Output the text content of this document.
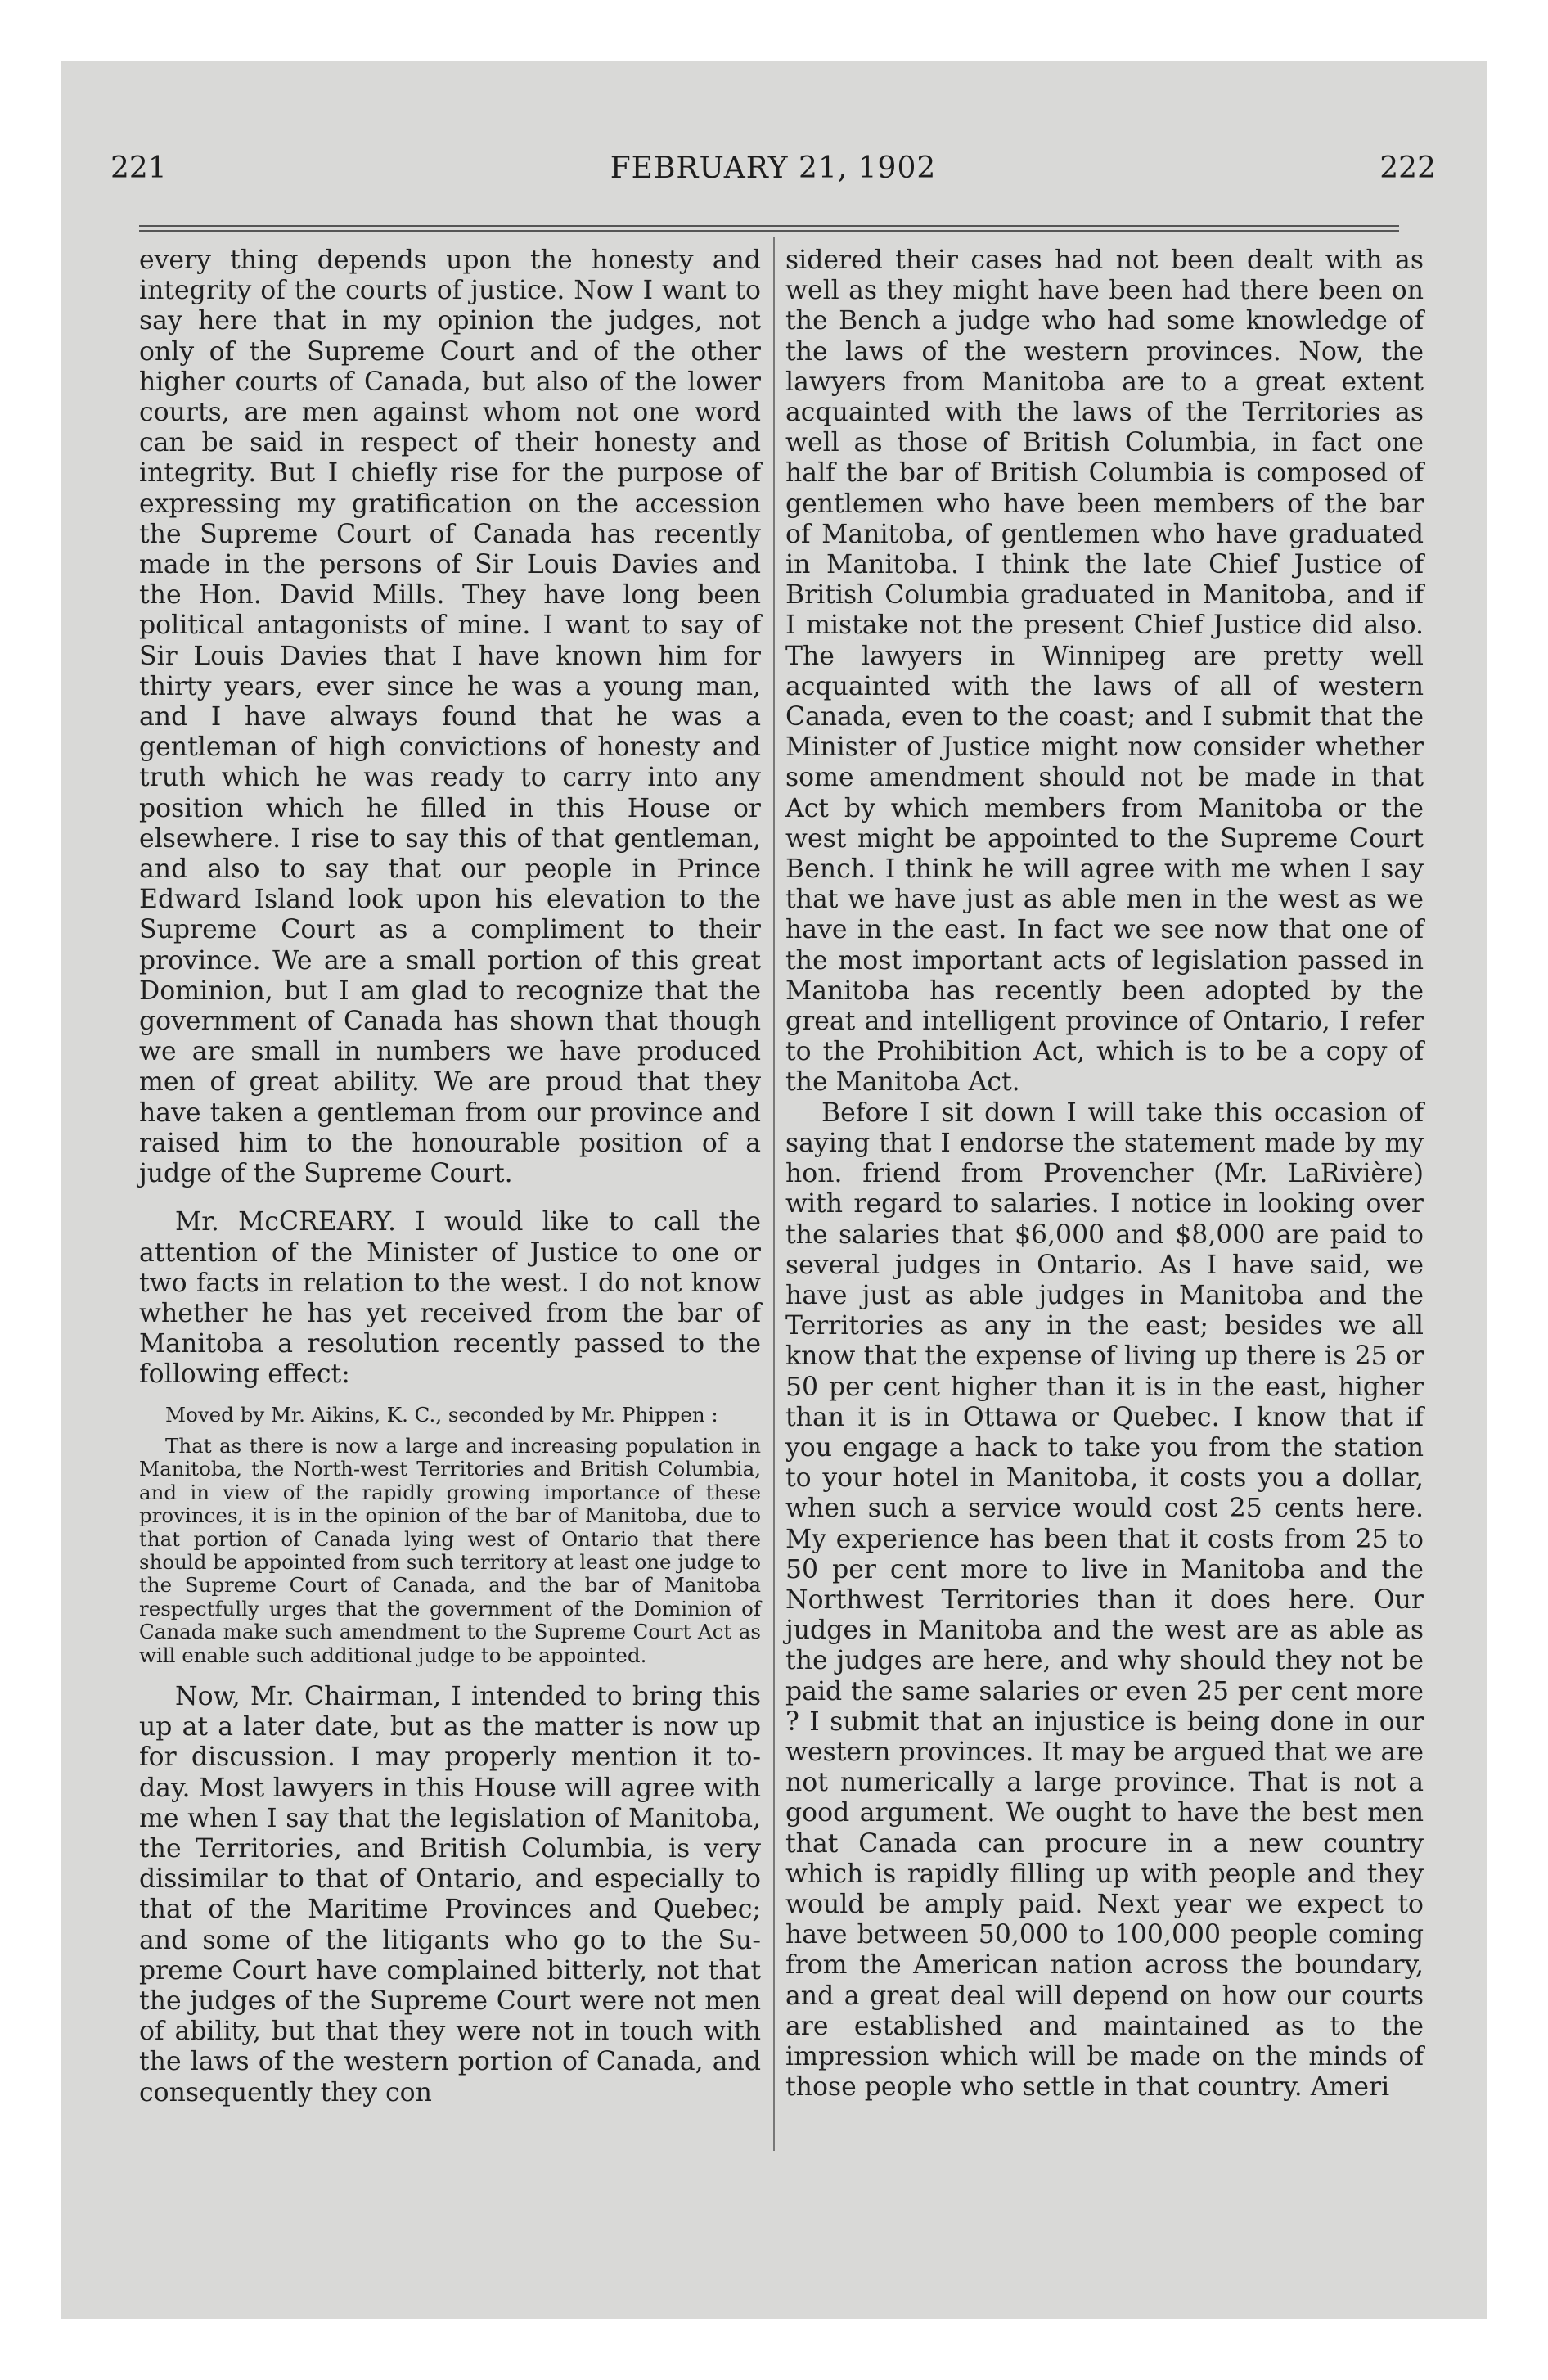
221	FEBRUARY 21, 1902	222

every thing depends upon the honesty and integrity of the courts of justice. Now I want to say here that in my opinion the judges, not only of the Supreme Court and of the other higher courts of Canada, but also of the lower courts, are men against whom not one word can be said in respect of their honesty and integrity. But I chiefly rise for the purpose of expressing my gratification on the accession the Supreme Court of Canada has recently made in the persons of Sir Louis Davies and the Hon. David Mills. They have long been political antagonists of mine. I want to say of Sir Louis Davies that I have known him for thirty years, ever since he was a young man, and I have always found that he was a gentleman of high convictions of honesty and truth which he was ready to carry into any position which he filled in this House or elsewhere. I rise to say this of that gentleman, and also to say that our people in Prince Edward Island look upon his elevation to the Supreme Court as a compliment to their province. We are a small portion of this great Dominion, but I am glad to recognize that the government of Canada has shown that though we are small in numbers we have produced men of great ability. We are proud that they have taken a gentleman from our province and raised him to the honourable position of a judge of the Supreme Court.

Mr. McCREARY. I would like to call the attention of the Minister of Justice to one or two facts in relation to the west. I do not know whether he has yet received from the bar of Manitoba a resolution recently passed to the following effect:

Moved by Mr. Aikins, K. C., seconded by Mr. Phippen :

That as there is now a large and increasing population in Manitoba, the North-west Territories and British Columbia, and in view of the rapidly growing importance of these provinces, it is in the opinion of the bar of Manitoba, due to that portion of Canada lying west of Ontario that there should be appointed from such territory at least one judge to the Supreme Court of Canada, and the bar of Manitoba respectfully urges that the government of the Dominion of Canada make such amendment to the Supreme Court Act as will enable such additional judge to be appointed.

Now, Mr. Chairman, I intended to bring this up at a later date, but as the matter is now up for discussion. I may properly mention it to-day. Most lawyers in this House will agree with me when I say that the legislation of Manitoba, the Territories, and British Columbia, is very dissimilar to that of Ontario, and especially to that of the Maritime Provinces and Quebec; and some of the litigants who go to the Supreme Court have complained bitterly, not that the judges of the Supreme Court were not men of ability, but that they were not in touch with the laws of the western portion of Canada, and consequently they con

sidered their cases had not been dealt with as well as they might have been had there been on the Bench a judge who had some knowledge of the laws of the western provinces. Now, the lawyers from Manitoba are to a great extent acquainted with the laws of the Territories as well as those of British Columbia, in fact one half the bar of British Columbia is composed of gentlemen who have been members of the bar of Manitoba, of gentlemen who have graduated in Manitoba. I think the late Chief Justice of British Columbia graduated in Manitoba, and if I mistake not the present Chief Justice did also. The lawyers in Winnipeg are pretty well acquainted with the laws of all of western Canada, even to the coast; and I submit that the Minister of Justice might now consider whether some amendment should not be made in that Act by which members from Manitoba or the west might be appointed to the Supreme Court Bench. I think he will agree with me when I say that we have just as able men in the west as we have in the east. In fact we see now that one of the most important acts of legislation passed in Manitoba has recently been adopted by the great and intelligent province of Ontario, I refer to the Prohibition Act, which is to be a copy of the Manitoba Act.

Before I sit down I will take this occasion of saying that I endorse the statement made by my hon. friend from Provencher (Mr. LaRivière) with regard to salaries. I notice in looking over the salaries that $6,000 and $8,000 are paid to several judges in Ontario. As I have said, we have just as able judges in Manitoba and the Territories as any in the east; besides we all know that the expense of living up there is 25 or 50 per cent higher than it is in the east, higher than it is in Ottawa or Quebec. I know that if you engage a hack to take you from the station to your hotel in Manitoba, it costs you a dollar, when such a service would cost 25 cents here. My experience has been that it costs from 25 to 50 per cent more to live in Manitoba and the Northwest Territories than it does here. Our judges in Manitoba and the west are as able as the judges are here, and why should they not be paid the same salaries or even 25 per cent more ? I submit that an injustice is being done in our western provinces. It may be argued that we are not numerically a large province. That is not a good argument. We ought to have the best men that Canada can procure in a new country which is rapidly filling up with people and they would be amply paid. Next year we expect to have between 50,000 to 100,000 people coming from the American nation across the boundary, and a great deal will depend on how our courts are established and maintained as to the impression which will be made on the minds of those people who settle in that country. Ameri
